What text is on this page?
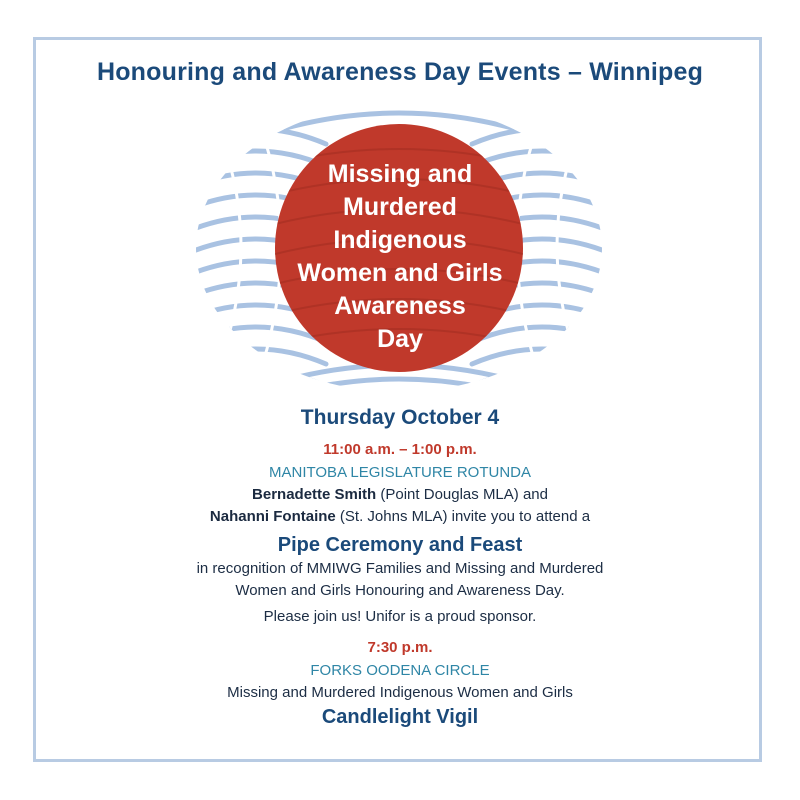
Honouring and Awareness Day Events – Winnipeg
Missing and
Murdered
Indigenous
Women and Girls
Awareness
Day
Thursday October 4
11:00 a.m. – 1:00 p.m.
MANITOBA LEGISLATURE ROTUNDA
Bernadette Smith (Point Douglas MLA) and
Nahanni Fontaine (St. Johns MLA) invite you to attend a
Pipe Ceremony and Feast
in recognition of MMIWG Families and Missing and Murdered
Women and Girls Honouring and Awareness Day.
Please join us! Unifor is a proud sponsor.
7:30 p.m.
FORKS OODENA CIRCLE
Missing and Murdered Indigenous Women and Girls
Candlelight Vigil
